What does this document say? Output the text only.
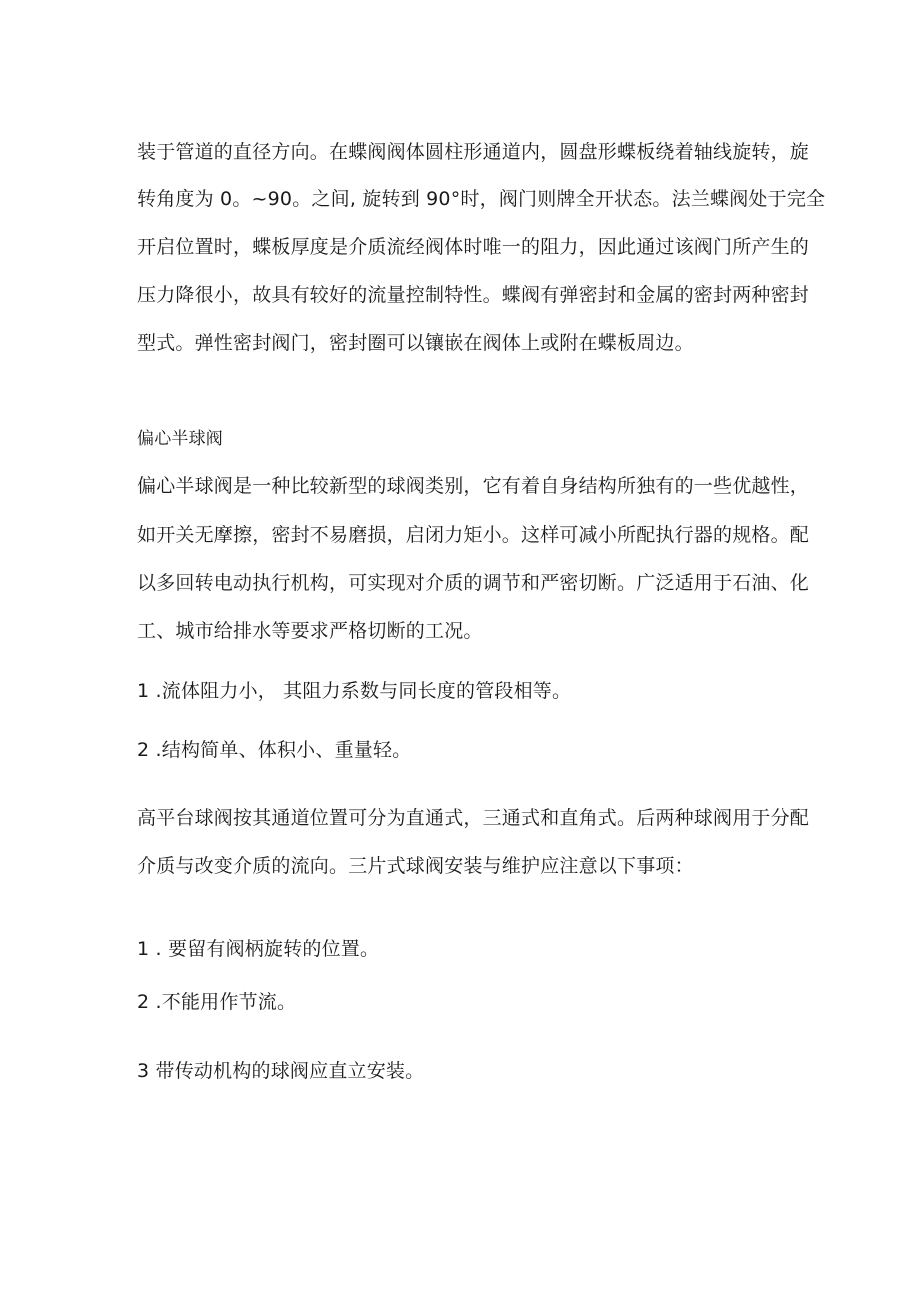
装于管道的直径方向。在蝶阀阀体圆柱形通道内，圆盘形蝶板绕着轴线旋转，旋
转角度为 0。~90。之间, 旋转到 90°时，阀门则牌全开状态。法兰蝶阀处于完全
开启位置时，蝶板厚度是介质流经阀体时唯一的阻力，因此通过该阀门所产生的
压力降很小，故具有较好的流量控制特性。蝶阀有弹密封和金属的密封两种密封
型式。弹性密封阀门，密封圈可以镶嵌在阀体上或附在蝶板周边。
偏心半球阀
偏心半球阀是一种比较新型的球阀类别，它有着自身结构所独有的一些优越性，
如开关无摩擦，密封不易磨损，启闭力矩小。这样可减小所配执行器的规格。配
以多回转电动执行机构，可实现对介质的调节和严密切断。广泛适用于石油、化
工、城市给排水等要求严格切断的工况。
1 .流体阻力小， 其阻力系数与同长度的管段相等。
2 .结构简单、体积小、重量轻。
高平台球阀按其通道位置可分为直通式，三通式和直角式。后两种球阀用于分配
介质与改变介质的流向。三片式球阀安装与维护应注意以下事项：
1 . 要留有阀柄旋转的位置。
2 .不能用作节流。
3 带传动机构的球阀应直立安装。
